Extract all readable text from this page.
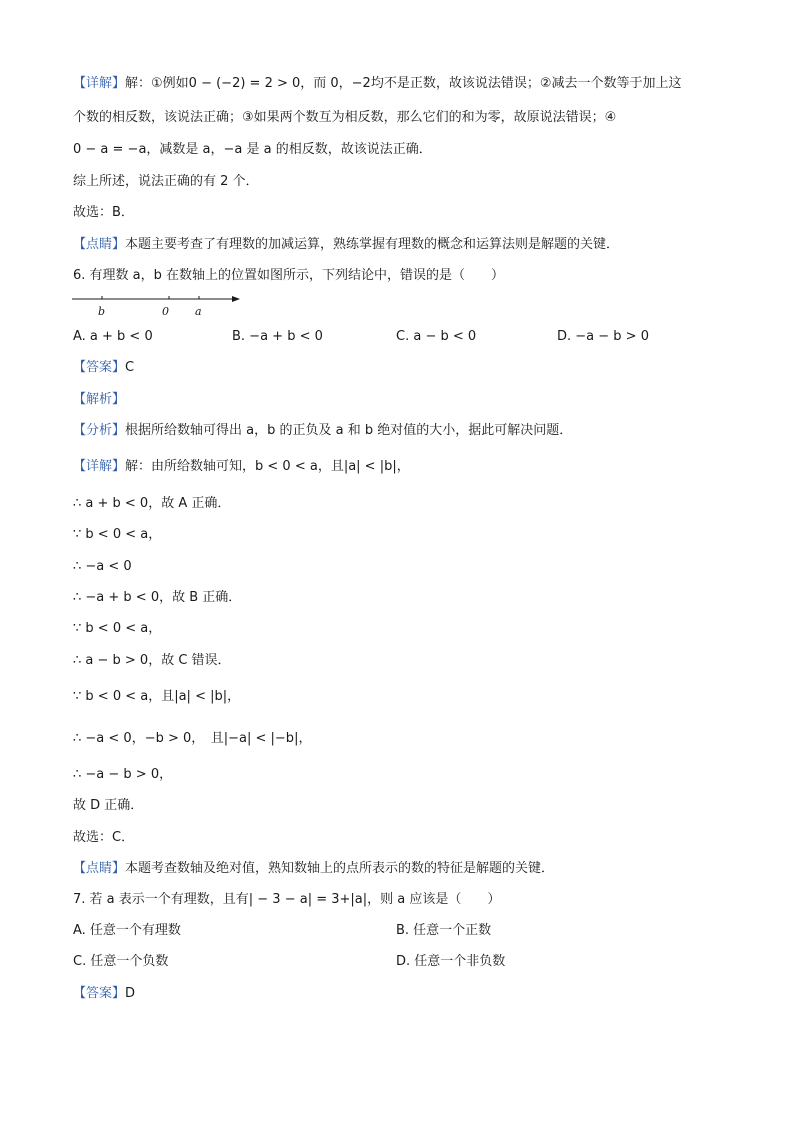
【详解】解：①例如0 − (−2) = 2 > 0，而 0，−2均不是正数，故该说法错误；②减去一个数等于加上这
个数的相反数，该说法正确；③如果两个数互为相反数，那么它们的和为零，故原说法错误；④
0 − a = −a，减数是 a，−a 是 a 的相反数，故该说法正确．
综上所述，说法正确的有 2 个．
故选：B．
【点睛】本题主要考查了有理数的加减运算，熟练掌握有理数的概念和运算法则是解题的关键．
6. 有理数 a，b 在数轴上的位置如图所示，下列结论中，错误的是（　　）
b	0 a
A. a + b < 0	B. −a + b < 0	C. a − b < 0	D. −a − b > 0
【答案】C
【解析】
【分析】根据所给数轴可得出 a，b 的正负及 a 和 b 绝对值的大小，据此可解决问题．
【详解】解：由所给数轴可知，b < 0 < a，且|a| < |b|，
∴ a + b < 0，故 A 正确．
∵ b < 0 < a，
∴ −a < 0
∴ −a + b < 0，故 B 正确．
∵ b < 0 < a，
∴ a − b > 0，故 C 错误．
∵ b < 0 < a，且|a| < |b|，
∴ −a < 0，−b > 0，　且|−a| < |−b|，
∴ −a − b > 0，
故 D 正确．
故选：C．
【点睛】本题考查数轴及绝对值，熟知数轴上的点所表示的数的特征是解题的关键．
7. 若 a 表示一个有理数，且有| − 3 − a| = 3+|a|，则 a 应该是（　　）
A. 任意一个有理数	B. 任意一个正数
C. 任意一个负数	D. 任意一个非负数
【答案】D
